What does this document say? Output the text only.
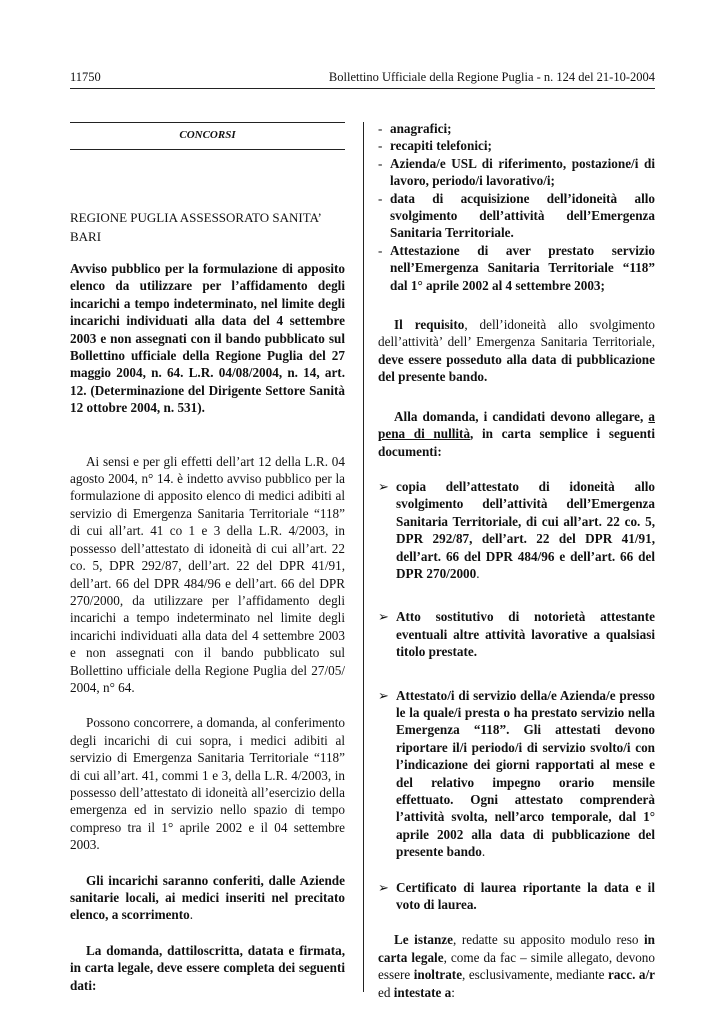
11750	Bollettino Ufficiale della Regione Puglia - n. 124 del 21-10-2004
CONCORSI
REGIONE PUGLIA ASSESSORATO SANITA’
BARI

Avviso pubblico per la formulazione di apposito elenco da utilizzare per l’affidamento degli incarichi a tempo indeterminato, nel limite degli incarichi individuati alla data del 4 settembre 2003 e non assegnati con il bando pubblicato sul Bollettino ufficiale della Regione Puglia del 27 maggio 2004, n. 64. L.R. 04/08/2004, n. 14, art. 12. (Determinazione del Dirigente Settore Sanità 12 ottobre 2004, n. 531).

Ai sensi e per gli effetti dell’art 12 della L.R. 04 agosto 2004, n° 14. è indetto avviso pubblico per la formulazione di apposito elenco di medici adibiti al servizio di Emergenza Sanitaria Territoriale “118” di cui all’art. 41 co 1 e 3 della L.R. 4/2003, in possesso dell’attestato di idoneità di cui all’art. 22 co. 5, DPR 292/87, dell’art. 22 del DPR 41/91, dell’art. 66 del DPR 484/96 e dell’art. 66 del DPR 270/2000, da utilizzare per l’affidamento degli incarichi a tempo indeterminato nel limite degli incarichi individuati alla data del 4 settembre 2003 e non assegnati con il bando pubblicato sul Bollettino ufficiale della Regione Puglia del 27/05/ 2004, n° 64.

Possono concorrere, a domanda, al conferimento degli incarichi di cui sopra, i medici adibiti al servizio di Emergenza Sanitaria Territoriale “118” di cui all’art. 41, commi 1 e 3, della L.R. 4/2003, in possesso dell’attestato di idoneità all’esercizio della emergenza ed in servizio nello spazio di tempo compreso tra il 1° aprile 2002 e il 04 settembre 2003.

Gli incarichi saranno conferiti, dalle Aziende sanitarie locali, ai medici inseriti nel precitato elenco, a scorrimento.

La domanda, dattiloscritta, datata e firmata, in carta legale, deve essere completa dei seguenti dati:

- anagrafici;
- recapiti telefonici;
- Azienda/e USL di riferimento, postazione/i di lavoro, periodo/i lavorativo/i;
- data di acquisizione dell’idoneità allo svolgimento dell’attività dell’Emergenza Sanitaria Territoriale.
- Attestazione di aver prestato servizio nell’Emergenza Sanitaria Territoriale “118” dal 1° aprile 2002 al 4 settembre 2003;

Il requisito, dell’idoneità allo svolgimento dell’attività’ dell’ Emergenza Sanitaria Territoriale, deve essere posseduto alla data di pubblicazione del presente bando.

Alla domanda, i candidati devono allegare, a pena di nullità, in carta semplice i seguenti documenti:

➢ copia dell’attestato di idoneità allo svolgimento dell’attività dell’Emergenza Sanitaria Territoriale, di cui all’art. 22 co. 5, DPR 292/87, dell’art. 22 del DPR 41/91, dell’art. 66 del DPR 484/96 e dell’art. 66 del DPR 270/2000.
➢ Atto sostitutivo di notorietà attestante eventuali altre attività lavorative a qualsiasi titolo prestate.
➢ Attestato/i di servizio della/e Azienda/e presso le la quale/i presta o ha prestato servizio nella Emergenza “118”. Gli attestati devono riportare il/i periodo/i di servizio svolto/i con l’indicazione dei giorni rapportati al mese e del relativo impegno orario mensile effettuato. Ogni attestato comprenderà l’attività svolta, nell’arco temporale, dal 1° aprile 2002 alla data di pubblicazione del presente bando.
➢ Certificato di laurea riportante la data e il voto di laurea.

Le istanze, redatte su apposito modulo reso in carta legale, come da fac – simile allegato, devono essere inoltrate, esclusivamente, mediante racc. a/r ed intestate a:
